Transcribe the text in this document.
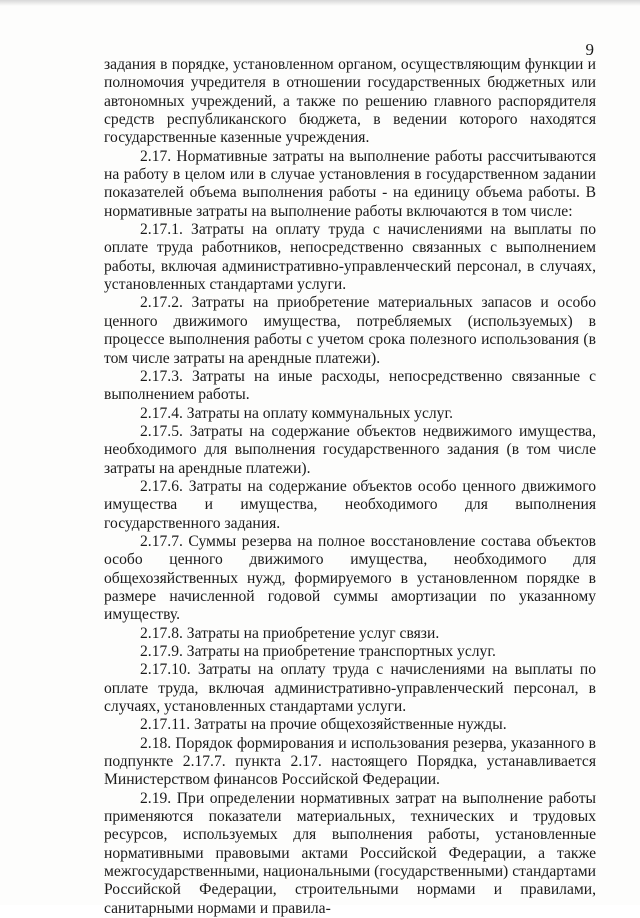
9

задания в порядке, установленном органом, осуществляющим функции и полномочия учредителя в отношении государственных бюджетных или автономных учреждений, а также по решению главного распорядителя средств республиканского бюджета, в ведении которого находятся государственные казенные учреждения.

2.17. Нормативные затраты на выполнение работы рассчитываются на работу в целом или в случае установления в государственном задании показателей объема выполнения работы - на единицу объема работы. В нормативные затраты на выполнение работы включаются в том числе:

2.17.1. Затраты на оплату труда с начислениями на выплаты по оплате труда работников, непосредственно связанных с выполнением работы, включая административно-управленческий персонал, в случаях, установленных стандартами услуги.

2.17.2. Затраты на приобретение материальных запасов и особо ценного движимого имущества, потребляемых (используемых) в процессе выполнения работы с учетом срока полезного использования (в том числе затраты на арендные платежи).

2.17.3. Затраты на иные расходы, непосредственно связанные с выполнением работы.

2.17.4. Затраты на оплату коммунальных услуг.

2.17.5. Затраты на содержание объектов недвижимого имущества, необходимого для выполнения государственного задания (в том числе затраты на арендные платежи).

2.17.6. Затраты на содержание объектов особо ценного движимого имущества и имущества, необходимого для выполнения государственного задания.

2.17.7. Суммы резерва на полное восстановление состава объектов особо ценного движимого имущества, необходимого для общехозяйственных нужд, формируемого в установленном порядке в размере начисленной годовой суммы амортизации по указанному имуществу.

2.17.8. Затраты на приобретение услуг связи.

2.17.9. Затраты на приобретение транспортных услуг.

2.17.10. Затраты на оплату труда с начислениями на выплаты по оплате труда, включая административно-управленческий персонал, в случаях, установленных стандартами услуги.

2.17.11. Затраты на прочие общехозяйственные нужды.

2.18. Порядок формирования и использования резерва, указанного в подпункте 2.17.7. пункта 2.17. настоящего Порядка, устанавливается Министерством финансов Российской Федерации.

2.19. При определении нормативных затрат на выполнение работы применяются показатели материальных, технических и трудовых ресурсов, используемых для выполнения работы, установленные нормативными правовыми актами Российской Федерации, а также межгосударственными, национальными (государственными) стандартами Российской Федерации, строительными нормами и правилами, санитарными нормами и правила-
